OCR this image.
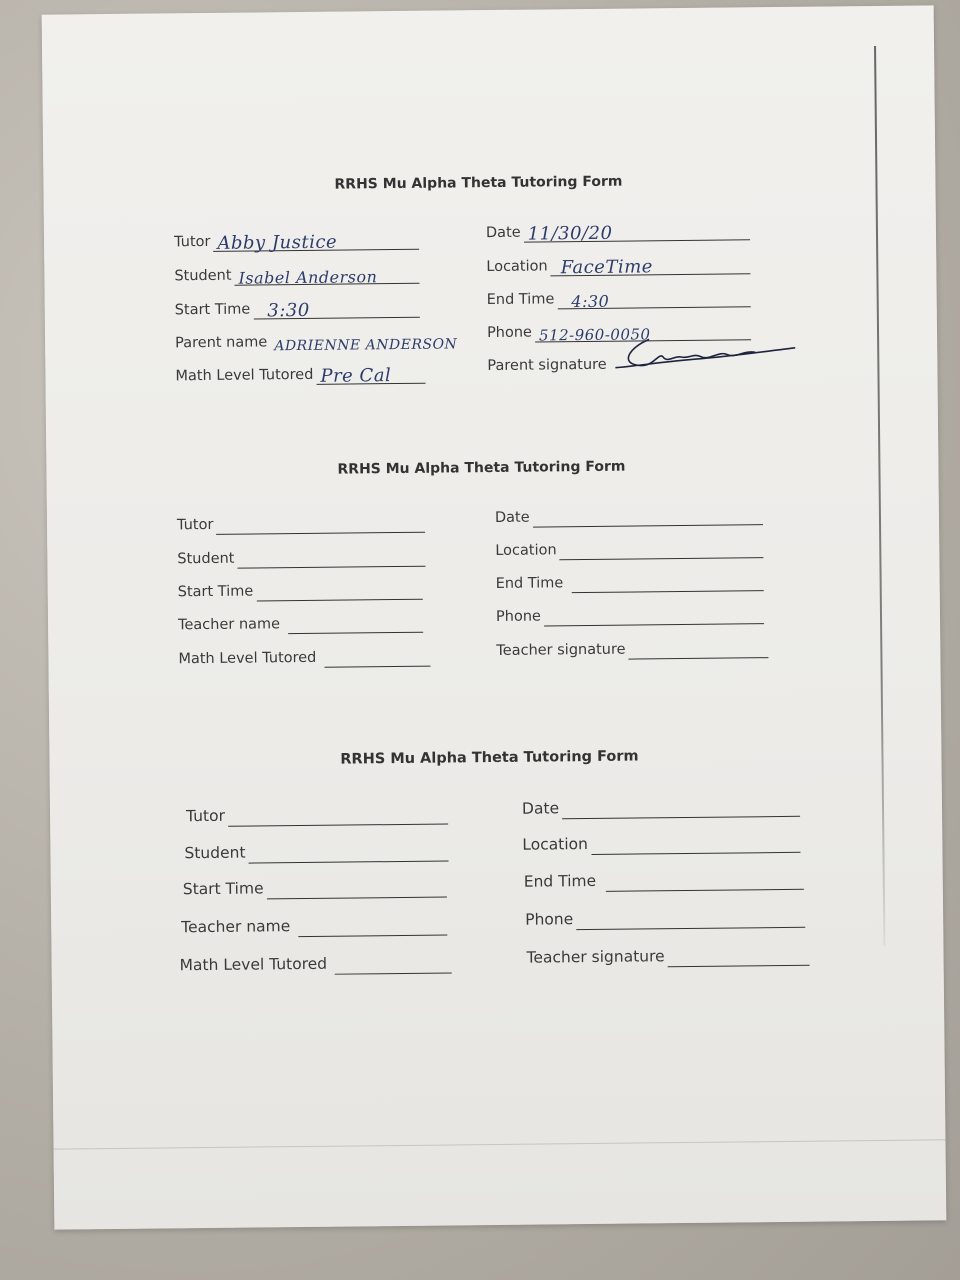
RRHS Mu Alpha Theta Tutoring Form
Tutor Abby Justice
Student Isabel Anderson
Start Time 3:30
Parent name ADRIENNE ANDERSON
Math Level Tutored Pre Cal
Date 11/30/20
Location FaceTime
End Time 4:30
Phone 512-960-0050
Parent signature
RRHS Mu Alpha Theta Tutoring Form
Tutor
Student
Start Time
Teacher name
Math Level Tutored
Date
Location
End Time
Phone
Teacher signature
RRHS Mu Alpha Theta Tutoring Form
Tutor
Student
Start Time
Teacher name
Math Level Tutored
Date
Location
End Time
Phone
Teacher signature
